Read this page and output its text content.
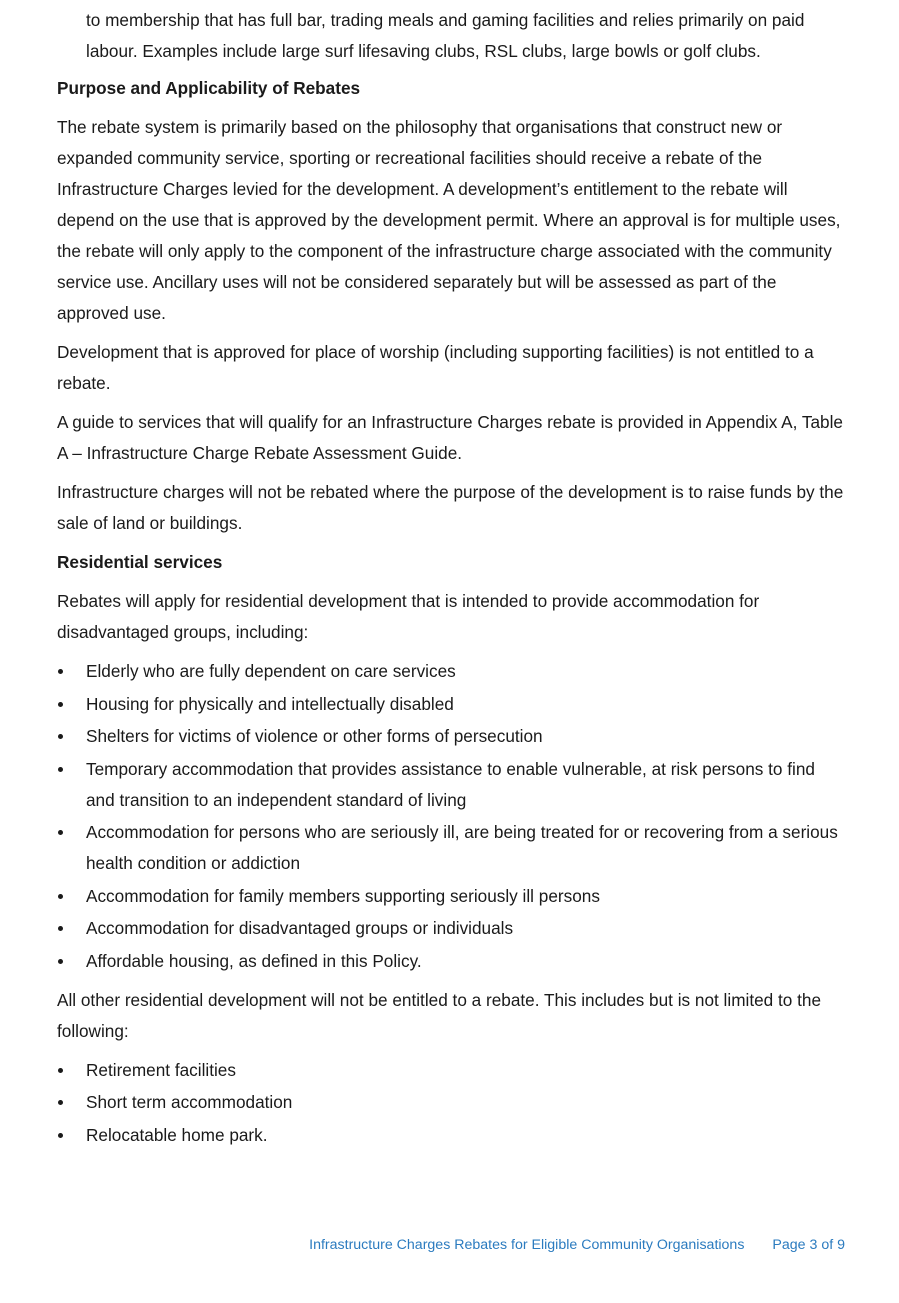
to membership that has full bar, trading meals and gaming facilities and relies primarily on paid labour. Examples include large surf lifesaving clubs, RSL clubs, large bowls or golf clubs.

Purpose and Applicability of Rebates

The rebate system is primarily based on the philosophy that organisations that construct new or expanded community service, sporting or recreational facilities should receive a rebate of the Infrastructure Charges levied for the development. A development’s entitlement to the rebate will depend on the use that is approved by the development permit. Where an approval is for multiple uses, the rebate will only apply to the component of the infrastructure charge associated with the community service use. Ancillary uses will not be considered separately but will be assessed as part of the approved use.

Development that is approved for place of worship (including supporting facilities) is not entitled to a rebate.

A guide to services that will qualify for an Infrastructure Charges rebate is provided in Appendix A, Table A – Infrastructure Charge Rebate Assessment Guide.

Infrastructure charges will not be rebated where the purpose of the development is to raise funds by the sale of land or buildings.

Residential services

Rebates will apply for residential development that is intended to provide accommodation for disadvantaged groups, including:

Elderly who are fully dependent on care services
Housing for physically and intellectually disabled
Shelters for victims of violence or other forms of persecution
Temporary accommodation that provides assistance to enable vulnerable, at risk persons to find and transition to an independent standard of living
Accommodation for persons who are seriously ill, are being treated for or recovering from a serious health condition or addiction
Accommodation for family members supporting seriously ill persons
Accommodation for disadvantaged groups or individuals
Affordable housing, as defined in this Policy.

All other residential development will not be entitled to a rebate. This includes but is not limited to the following:

Retirement facilities
Short term accommodation
Relocatable home park.
Infrastructure Charges Rebates for Eligible Community Organisations Page 3 of 9
